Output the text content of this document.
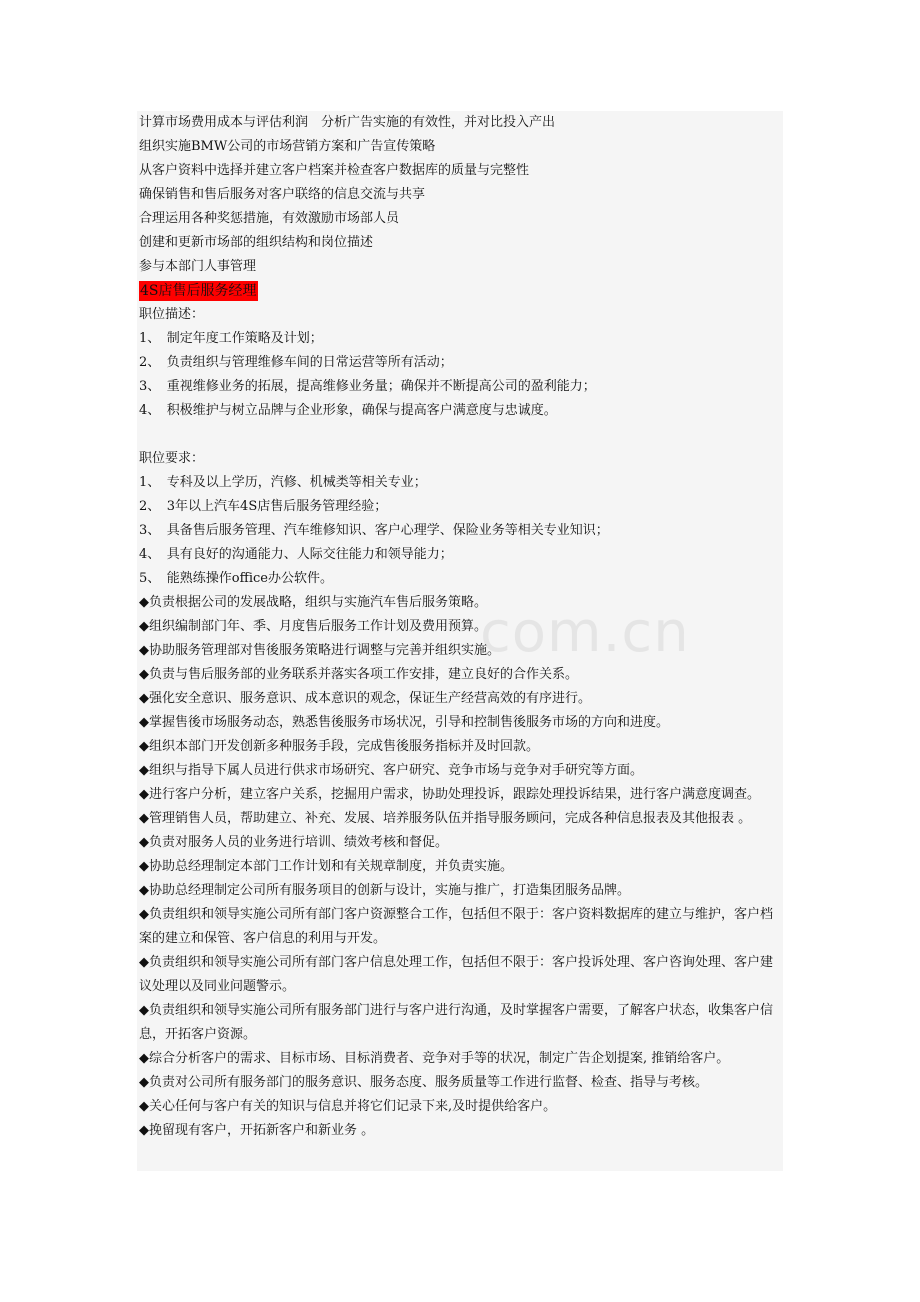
com.cn
计算市场费用成本与评估利润　分析广告实施的有效性，并对比投入产出
组织实施BMW公司的市场营销方案和广告宣传策略
从客户资料中选择并建立客户档案并检查客户数据库的质量与完整性
确保销售和售后服务对客户联络的信息交流与共享
合理运用各种奖惩措施，有效激励市场部人员
创建和更新市场部的组织结构和岗位描述
参与本部门人事管理
4S店售后服务经理
职位描述：
1、　制定年度工作策略及计划；
2、　负责组织与管理维修车间的日常运营等所有活动；
3、　重视维修业务的拓展，提高维修业务量；确保并不断提高公司的盈利能力；
4、　积极维护与树立品牌与企业形象，确保与提高客户满意度与忠诚度。
职位要求：
1、　专科及以上学历，汽修、机械类等相关专业；
2、　3年以上汽车4S店售后服务管理经验；
3、　具备售后服务管理、汽车维修知识、客户心理学、保险业务等相关专业知识；
4、　具有良好的沟通能力、人际交往能力和领导能力；
5、　能熟练操作office办公软件。
◆负责根据公司的发展战略，组织与实施汽车售后服务策略。
◆组织编制部门年、季、月度售后服务工作计划及费用预算。
◆协助服务管理部对售後服务策略进行调整与完善并组织实施。
◆负责与售后服务部的业务联系并落实各项工作安排，建立良好的合作关系。
◆强化安全意识、服务意识、成本意识的观念，保证生产经营高效的有序进行。
◆掌握售後市场服务动态，熟悉售後服务市场状况，引导和控制售後服务市场的方向和进度。
◆组织本部门开发创新多种服务手段，完成售後服务指标并及时回款。
◆组织与指导下属人员进行供求市场研究、客户研究、竞争市场与竞争对手研究等方面。
◆进行客户分析，建立客户关系，挖掘用户需求，协助处理投诉，跟踪处理投诉结果，进行客户满意度调查。
◆管理销售人员，帮助建立、补充、发展、培养服务队伍并指导服务顾问，完成各种信息报表及其他报表 。
◆负责对服务人员的业务进行培训、绩效考核和督促。
◆协助总经理制定本部门工作计划和有关规章制度，并负责实施。
◆协助总经理制定公司所有服务项目的创新与设计，实施与推广，打造集团服务品牌。
◆负责组织和领导实施公司所有部门客户资源整合工作，包括但不限于：客户资料数据库的建立与维护，客户档案的建立和保管、客户信息的利用与开发。
◆负责组织和领导实施公司所有部门客户信息处理工作，包括但不限于：客户投诉处理、客户咨询处理、客户建议处理以及同业问题警示。
◆负责组织和领导实施公司所有服务部门进行与客户进行沟通，及时掌握客户需要，了解客户状态，收集客户信息，开拓客户资源。
◆综合分析客户的需求、目标市场、目标消费者、竞争对手等的状况，制定广告企划提案, 推销给客户。
◆负责对公司所有服务部门的服务意识、服务态度、服务质量等工作进行监督、检查、指导与考核。
◆关心任何与客户有关的知识与信息并将它们记录下来,及时提供给客户。
◆挽留现有客户，开拓新客户和新业务 。
